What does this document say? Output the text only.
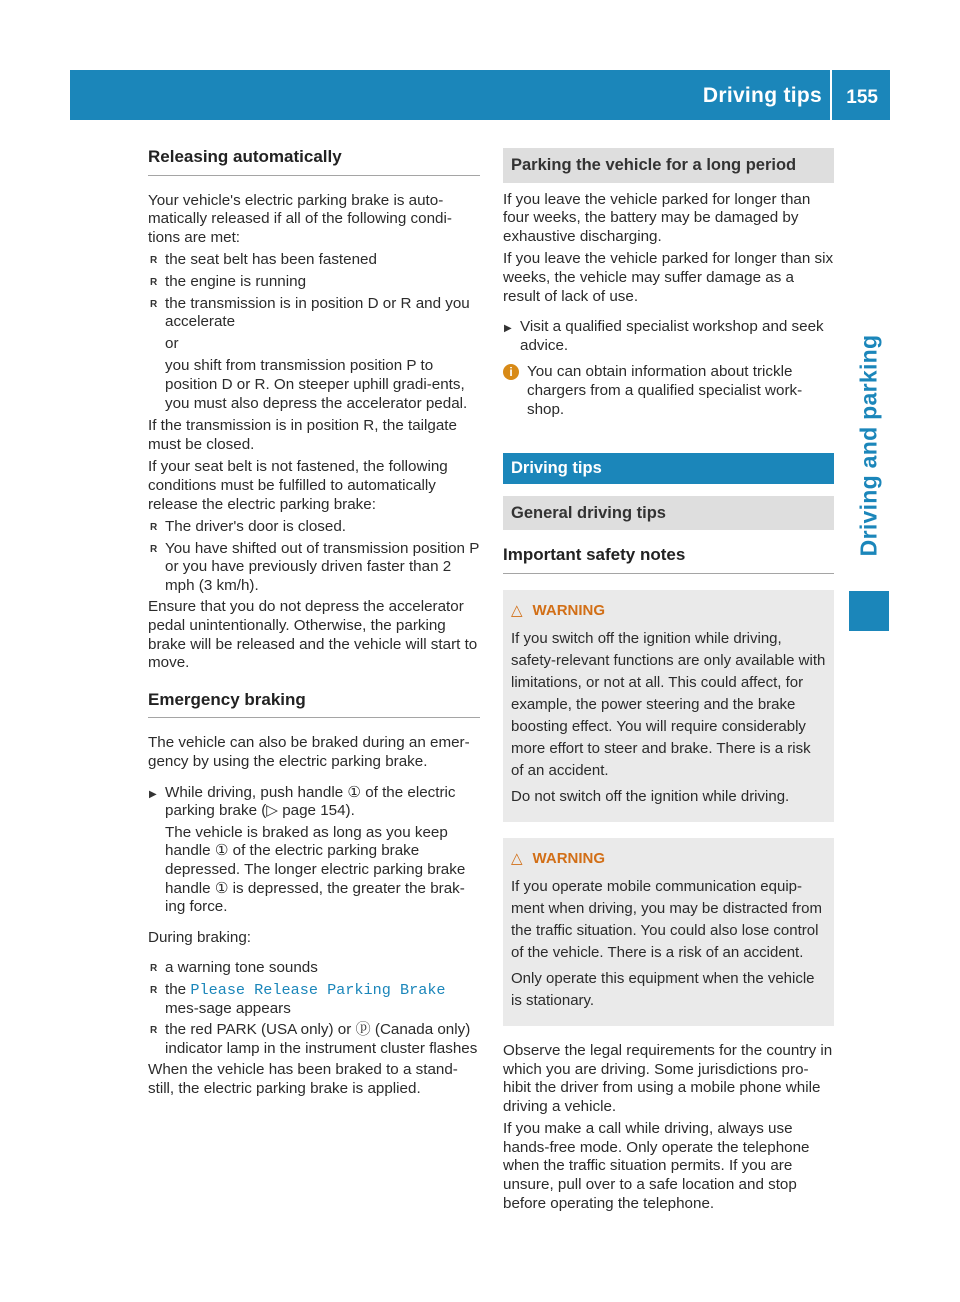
Driving tips 155
Driving and parking
Releasing automatically

Your vehicle's electric parking brake is auto-matically released if all of the following condi-tions are met:

R the seat belt has been fastened
R the engine is running
R the transmission is in position D or R and you accelerate
or
you shift from transmission position P to position D or R. On steeper uphill gradi-ents, you must also depress the accelerator pedal.

If the transmission is in position R, the tailgate must be closed.

If your seat belt is not fastened, the following conditions must be fulfilled to automatically release the electric parking brake:

R The driver's door is closed.
R You have shifted out of transmission position P or you have previously driven faster than 2 mph (3 km/h).

Ensure that you do not depress the accelerator pedal unintentionally. Otherwise, the parking brake will be released and the vehicle will start to move.

Emergency braking

The vehicle can also be braked during an emer-gency by using the electric parking brake.

▶ While driving, push handle ① of the electric parking brake (▷ page 154).
The vehicle is braked as long as you keep handle ① of the electric parking brake depressed. The longer electric parking brake handle ① is depressed, the greater the brak-ing force.

During braking:

R a warning tone sounds
R the Please Release Parking Brake mes-sage appears
R the red PARK (USA only) or ⓟ (Canada only) indicator lamp in the instrument cluster flashes

When the vehicle has been braked to a stand-still, the electric parking brake is applied.

Parking the vehicle for a long period

If you leave the vehicle parked for longer than four weeks, the battery may be damaged by exhaustive discharging.

If you leave the vehicle parked for longer than six weeks, the vehicle may suffer damage as a result of lack of use.

▶ Visit a qualified specialist workshop and seek advice.
i You can obtain information about trickle chargers from a qualified specialist work-shop.
Driving tips
General driving tips
Important safety notes
△ WARNING

If you switch off the ignition while driving, safety-relevant functions are only available with limitations, or not at all. This could affect, for example, the power steering and the brake boosting effect. You will require considerably more effort to steer and brake. There is a risk of an accident.

Do not switch off the ignition while driving.

△ WARNING

If you operate mobile communication equip-ment when driving, you may be distracted from the traffic situation. You could also lose control of the vehicle. There is a risk of an accident.

Only operate this equipment when the vehicle is stationary.

Observe the legal requirements for the country in which you are driving. Some jurisdictions pro-hibit the driver from using a mobile phone while driving a vehicle.

If you make a call while driving, always use hands-free mode. Only operate the telephone when the traffic situation permits. If you are unsure, pull over to a safe location and stop before operating the telephone.
